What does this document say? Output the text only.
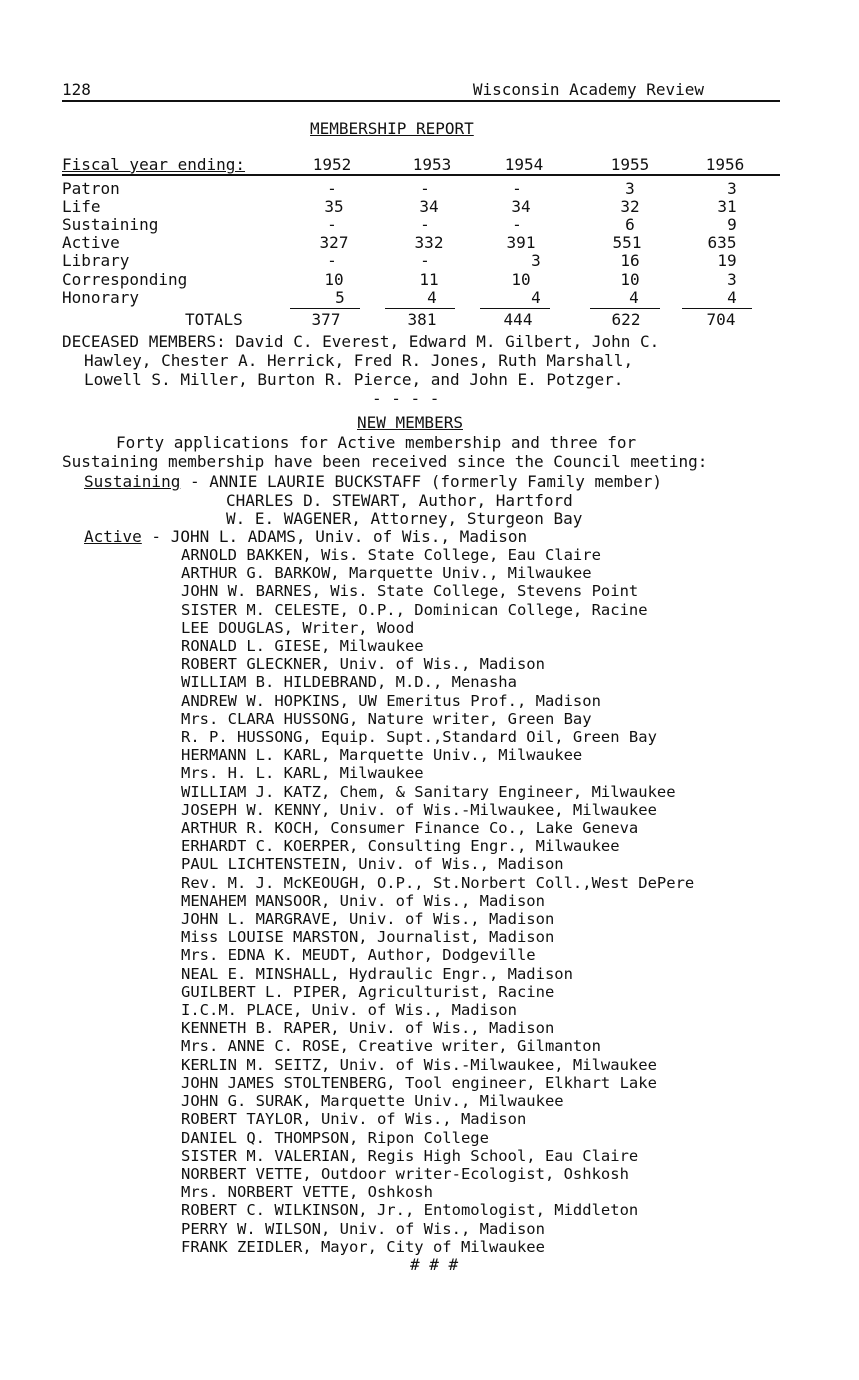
128	Wisconsin Academy Review
MEMBERSHIP REPORT
Fiscal year ending:	1952	1953	1954	1955	1956
Patron	-	-	-	3	3
Life	35	34	34	32	31
Sustaining	-	-	-	6	9
Active	327	332	391	551	635
Library	-	-	3	16	19
Corresponding	10	11	10	10	3
Honorary	5	4	4	4	4
TOTALS	377	381	444	622	704
DECEASED MEMBERS: David C. Everest, Edward M. Gilbert, John C.
Hawley, Chester A. Herrick, Fred R. Jones, Ruth Marshall,
Lowell S. Miller, Burton R. Pierce, and John E. Potzger.
- - - -
NEW MEMBERS
Forty applications for Active membership and three for
Sustaining membership have been received since the Council meeting:
Sustaining - ANNIE LAURIE BUCKSTAFF (formerly Family member)
CHARLES D. STEWART, Author, Hartford
W. E. WAGENER, Attorney, Sturgeon Bay
Active - JOHN L. ADAMS, Univ. of Wis., Madison
ARNOLD BAKKEN, Wis. State College, Eau Claire
ARTHUR G. BARKOW, Marquette Univ., Milwaukee
JOHN W. BARNES, Wis. State College, Stevens Point
SISTER M. CELESTE, O.P., Dominican College, Racine
LEE DOUGLAS, Writer, Wood
RONALD L. GIESE, Milwaukee
ROBERT GLECKNER, Univ. of Wis., Madison
WILLIAM B. HILDEBRAND, M.D., Menasha
ANDREW W. HOPKINS, UW Emeritus Prof., Madison
Mrs. CLARA HUSSONG, Nature writer, Green Bay
R. P. HUSSONG, Equip. Supt.,Standard Oil, Green Bay
HERMANN L. KARL, Marquette Univ., Milwaukee
Mrs. H. L. KARL, Milwaukee
WILLIAM J. KATZ, Chem, & Sanitary Engineer, Milwaukee
JOSEPH W. KENNY, Univ. of Wis.-Milwaukee, Milwaukee
ARTHUR R. KOCH, Consumer Finance Co., Lake Geneva
ERHARDT C. KOERPER, Consulting Engr., Milwaukee
PAUL LICHTENSTEIN, Univ. of Wis., Madison
Rev. M. J. McKEOUGH, O.P., St.Norbert Coll.,West DePere
MENAHEM MANSOOR, Univ. of Wis., Madison
JOHN L. MARGRAVE, Univ. of Wis., Madison
Miss LOUISE MARSTON, Journalist, Madison
Mrs. EDNA K. MEUDT, Author, Dodgeville
NEAL E. MINSHALL, Hydraulic Engr., Madison
GUILBERT L. PIPER, Agriculturist, Racine
I.C.M. PLACE, Univ. of Wis., Madison
KENNETH B. RAPER, Univ. of Wis., Madison
Mrs. ANNE C. ROSE, Creative writer, Gilmanton
KERLIN M. SEITZ, Univ. of Wis.-Milwaukee, Milwaukee
JOHN JAMES STOLTENBERG, Tool engineer, Elkhart Lake
JOHN G. SURAK, Marquette Univ., Milwaukee
ROBERT TAYLOR, Univ. of Wis., Madison
DANIEL Q. THOMPSON, Ripon College
SISTER M. VALERIAN, Regis High School, Eau Claire
NORBERT VETTE, Outdoor writer-Ecologist, Oshkosh
Mrs. NORBERT VETTE, Oshkosh
ROBERT C. WILKINSON, Jr., Entomologist, Middleton
PERRY W. WILSON, Univ. of Wis., Madison
FRANK ZEIDLER, Mayor, City of Milwaukee
# # #
